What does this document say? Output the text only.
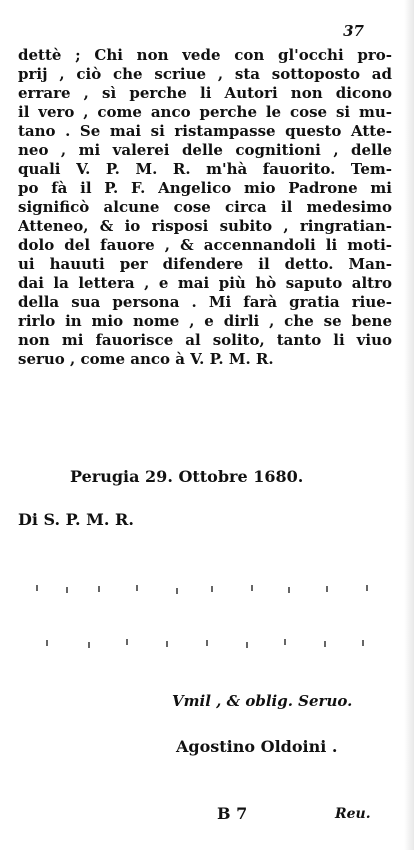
37
dettè ; Chi non vede con gl'occhi pro-
prij , ciò che scriue , sta sottoposto ad
errare , sì perche li Autori non dicono
il vero , come anco perche le cose si mu-
tano . Se mai si ristampasse questo Atte-
neo , mi valerei delle cognitioni , delle
quali V. P. M. R. m'hà fauorito. Tem-
po fà il P. F. Angelico mio Padrone mi
significò alcune cose circa il medesimo
Atteneo, & io risposi subito , ringratian-
dolo del fauore , & accennandoli li moti-
ui hauuti per difendere il detto. Man-
dai la lettera , e mai più hò saputo altro
della sua persona . Mi farà gratia riue-
rirlo in mio nome , e dirli , che se bene
non mi fauorisce al solito, tanto li viuo
seruo , come anco à V. P. M. R.
Perugia 29. Ottobre 1680.
Di S. P. M. R.
Vmil , & oblig. Seruo.
Agostino Oldoini .
B 7	Reu.
